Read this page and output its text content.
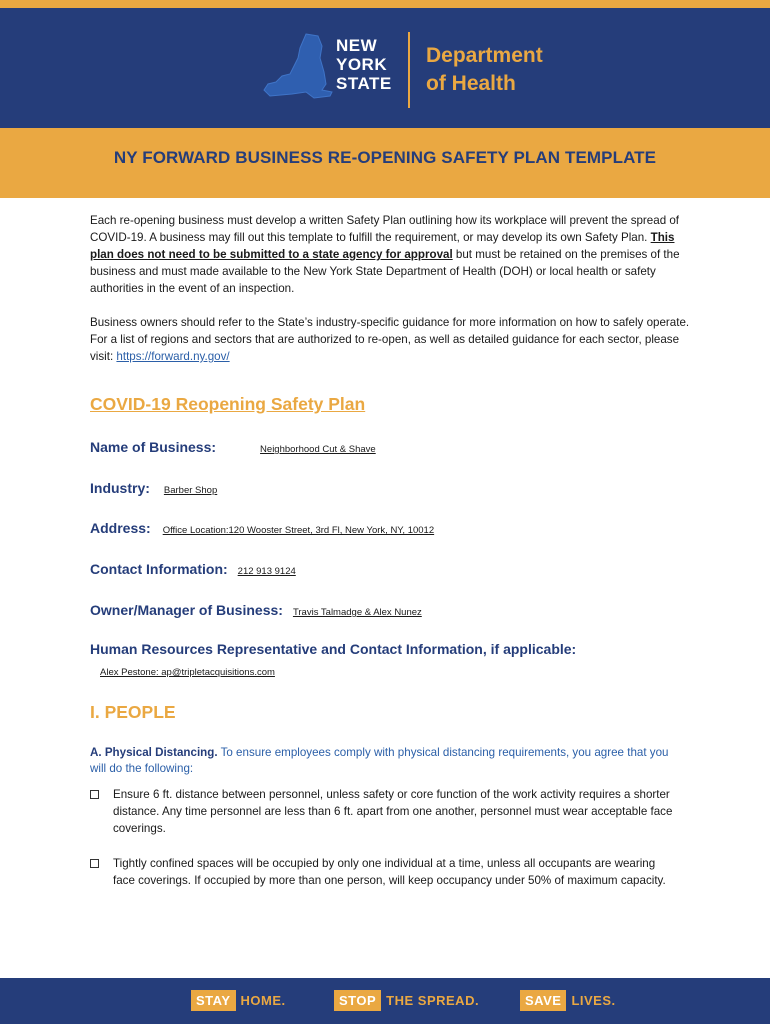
NEW
YORK
STATE
Department
of Health
NY FORWARD BUSINESS RE-OPENING SAFETY PLAN TEMPLATE

Each re-opening business must develop a written Safety Plan outlining how its workplace will prevent the spread of COVID-19. A business may fill out this template to fulfill the requirement, or may develop its own Safety Plan. This plan does not need to be submitted to a state agency for approval but must be retained on the premises of the business and must made available to the New York State Department of Health (DOH) or local health or safety authorities in the event of an inspection.

Business owners should refer to the State’s industry-specific guidance for more information on how to safely operate. For a list of regions and sectors that are authorized to re-open, as well as detailed guidance for each sector, please visit: https://forward.ny.gov/

COVID-19 Reopening Safety Plan
Name of Business:	Neighborhood Cut & Shave
Industry: Barber Shop
Address: Office Location:120 Wooster Street, 3rd Fl, New York, NY, 10012
Contact Information: 212 913 9124
Owner/Manager of Business: Travis Talmadge & Alex Nunez
Human Resources Representative and Contact Information, if applicable:
Alex Pestone: ap@tripletacquisitions.com
I. PEOPLE
A. Physical Distancing. To ensure employees comply with physical distancing requirements, you agree that you will do the following:
Ensure 6 ft. distance between personnel, unless safety or core function of the work activity requires a shorter distance. Any time personnel are less than 6 ft. apart from one another, personnel must wear acceptable face coverings.
Tightly confined spaces will be occupied by only one individual at a time, unless all occupants are wearing face coverings. If occupied by more than one person, will keep occupancy under 50% of maximum capacity.
STAY HOME.	STOP THE SPREAD.	SAVE LIVES.
